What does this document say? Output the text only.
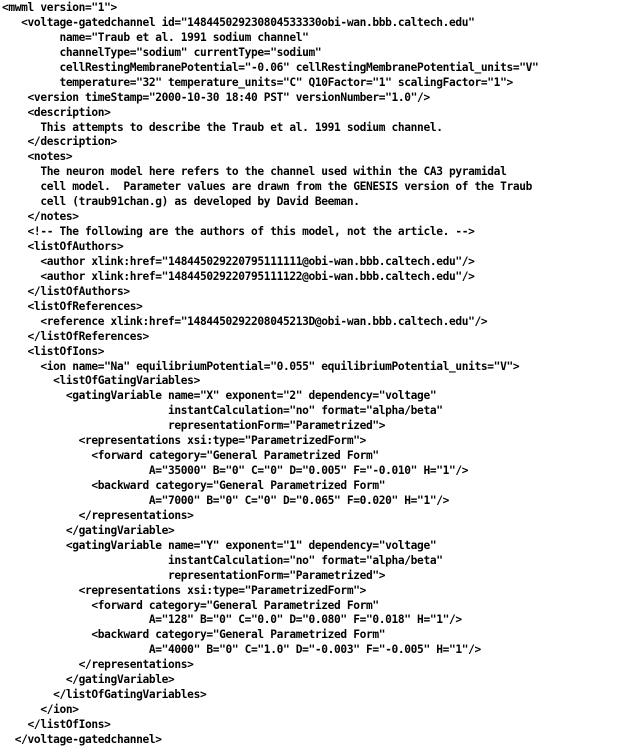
<mwml version="1">
<voltage-gatedchannel id="148445029230804533330obi-wan.bbb.caltech.edu"
name="Traub et al. 1991 sodium channel"
channelType="sodium" currentType="sodium"
cellRestingMembranePotential="-0.06" cellRestingMembranePotential_units="V"
temperature="32" temperature_units="C" Q10Factor="1" scalingFactor="1">
<version timeStamp="2000-10-30 18:40 PST" versionNumber="1.0"/>
<description>
This attempts to describe the Traub et al. 1991 sodium channel.
</description>
<notes>
The neuron model here refers to the channel used within the CA3 pyramidal
cell model.  Parameter values are drawn from the GENESIS version of the Traub
cell (traub91chan.g) as developed by David Beeman.
</notes>
<!-- The following are the authors of this model, not the article. -->
<listOfAuthors>
<author xlink:href="148445029220795111111@obi-wan.bbb.caltech.edu"/>
<author xlink:href="148445029220795111122@obi-wan.bbb.caltech.edu"/>
</listOfAuthors>
<listOfReferences>
<reference xlink:href="1484450292208045213D@obi-wan.bbb.caltech.edu"/>
</listOfReferences>
<listOfIons>
<ion name="Na" equilibriumPotential="0.055" equilibriumPotential_units="V">
<listOfGatingVariables>
<gatingVariable name="X" exponent="2" dependency="voltage"
instantCalculation="no" format="alpha/beta"
representationForm="Parametrized">
<representations xsi:type="ParametrizedForm">
<forward category="General Parametrized Form"
A="35000" B="0" C="0" D="0.005" F="-0.010" H="1"/>
<backward category="General Parametrized Form"
A="7000" B="0" C="0" D="0.065" F=0.020" H="1"/>
</representations>
</gatingVariable>
<gatingVariable name="Y" exponent="1" dependency="voltage"
instantCalculation="no" format="alpha/beta"
representationForm="Parametrized">
<representations xsi:type="ParametrizedForm">
<forward category="General Parametrized Form"
A="128" B="0" C="0.0" D="0.080" F="0.018" H="1"/>
<backward category="General Parametrized Form"
A="4000" B="0" C="1.0" D="-0.003" F="-0.005" H="1"/>
</representations>
</gatingVariable>
</listOfGatingVariables>
</ion>
</listOfIons>
</voltage-gatedchannel>
